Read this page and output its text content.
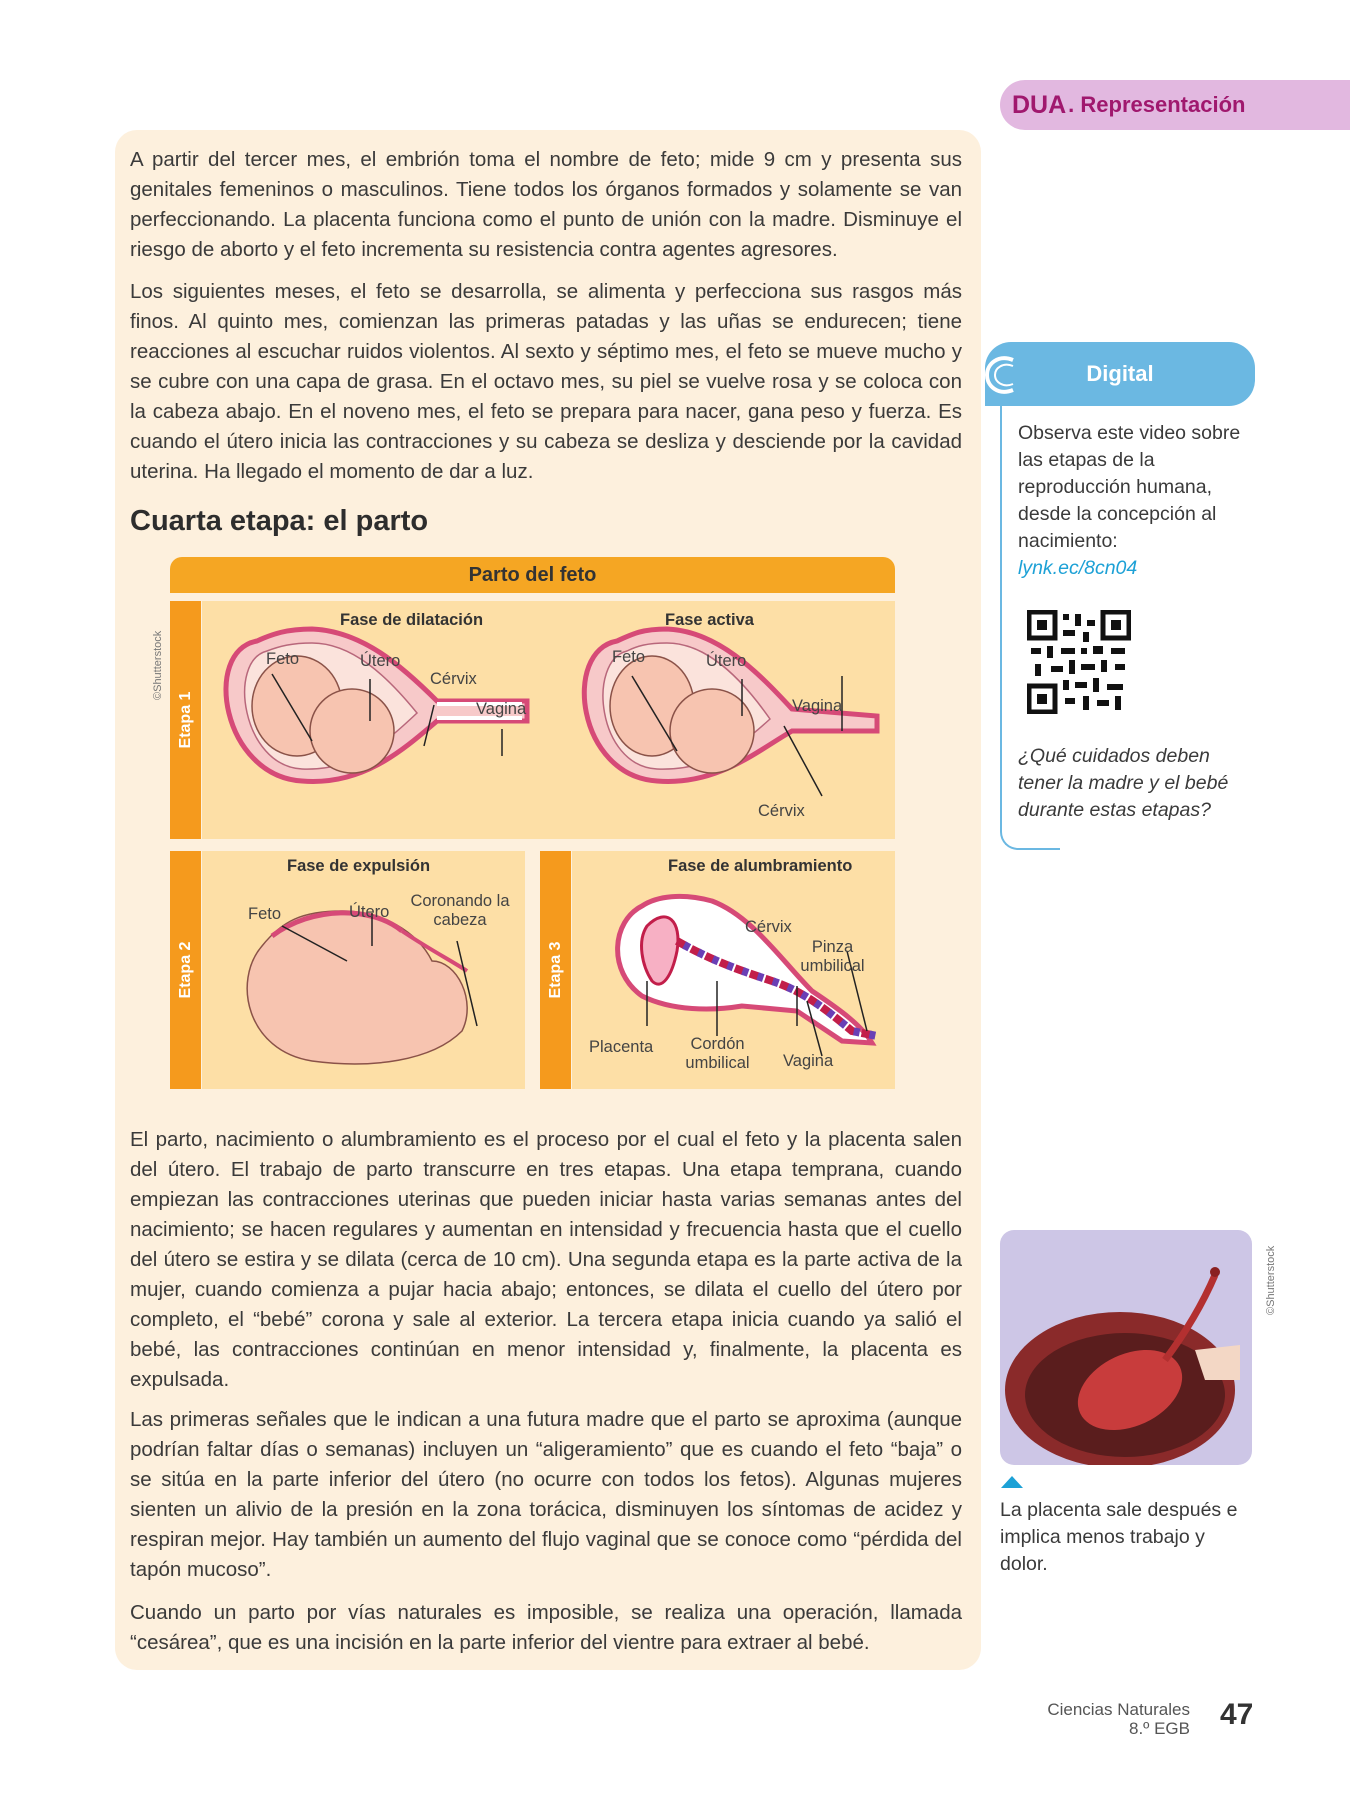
DUA . Representación

A partir del tercer mes, el embrión toma el nombre de feto; mide 9 cm y presenta sus genitales femeninos o masculinos. Tiene todos los órganos formados y solamente se van perfeccionando. La placenta funciona como el punto de unión con la madre. Disminuye el riesgo de aborto y el feto incrementa su resistencia contra agentes agresores.

Los siguientes meses, el feto se desarrolla, se alimenta y perfecciona sus rasgos más finos. Al quinto mes, comienzan las primeras patadas y las uñas se endurecen; tiene reacciones al escuchar ruidos violentos. Al sexto y séptimo mes, el feto se mueve mucho y se cubre con una capa de grasa. En el octavo mes, su piel se vuelve rosa y se coloca con la cabeza abajo. En el noveno mes, el feto se prepara para nacer, gana peso y fuerza. Es cuando el útero inicia las contracciones y su cabeza se desliza y desciende por la cavidad uterina. Ha llegado el momento de dar a luz.

Cuarta etapa: el parto
©Shutterstock
Parto del feto
Etapa 1
Fase de dilatación	Fase activa
Feto	Útero
Cérvix
Vagina
Feto	Útero
Vagina
Cérvix
Etapa 2
Fase de expulsión
Feto	Útero
Coronando la cabeza
Etapa 3
Fase de alumbramiento
Cérvix
Pinza umbilical
Placenta	Cordón umbilical	Vagina

El parto, nacimiento o alumbramiento es el proceso por el cual el feto y la placenta salen del útero. El trabajo de parto transcurre en tres etapas. Una etapa temprana, cuando empiezan las contracciones uterinas que pueden iniciar hasta varias semanas antes del nacimiento; se hacen regulares y aumentan en intensidad y frecuencia hasta que el cuello del útero se estira y se dilata (cerca de 10 cm). Una segunda etapa es la parte activa de la mujer, cuando comienza a pujar hacia abajo; entonces, se dilata el cuello del útero por completo, el “bebé” corona y sale al exterior. La tercera etapa inicia cuando ya salió el bebé, las contracciones continúan en menor intensidad y, finalmente, la placenta es expulsada.

Las primeras señales que le indican a una futura madre que el parto se aproxima (aunque podrían faltar días o semanas) incluyen un “aligeramiento” que es cuando el feto “baja” o se sitúa en la parte inferior del útero (no ocurre con todos los fetos). Algunas mujeres sienten un alivio de la presión en la zona torácica, disminuyen los síntomas de acidez y respiran mejor. Hay también un aumento del flujo vaginal que se conoce como “pérdida del tapón mucoso”.

Cuando un parto por vías naturales es imposible, se realiza una operación, llamada “cesárea”, que es una incisión en la parte inferior del vientre para extraer al bebé.

Digital
Observa este video sobre las etapas de la reproducción humana, desde la concepción al nacimiento:
lynk.ec/8cn04
¿Qué cuidados deben tener la madre y el bebé durante estas etapas?
©Shutterstock
La placenta sale después e implica menos trabajo y dolor.
Ciencias Naturales
8.º EGB 47
